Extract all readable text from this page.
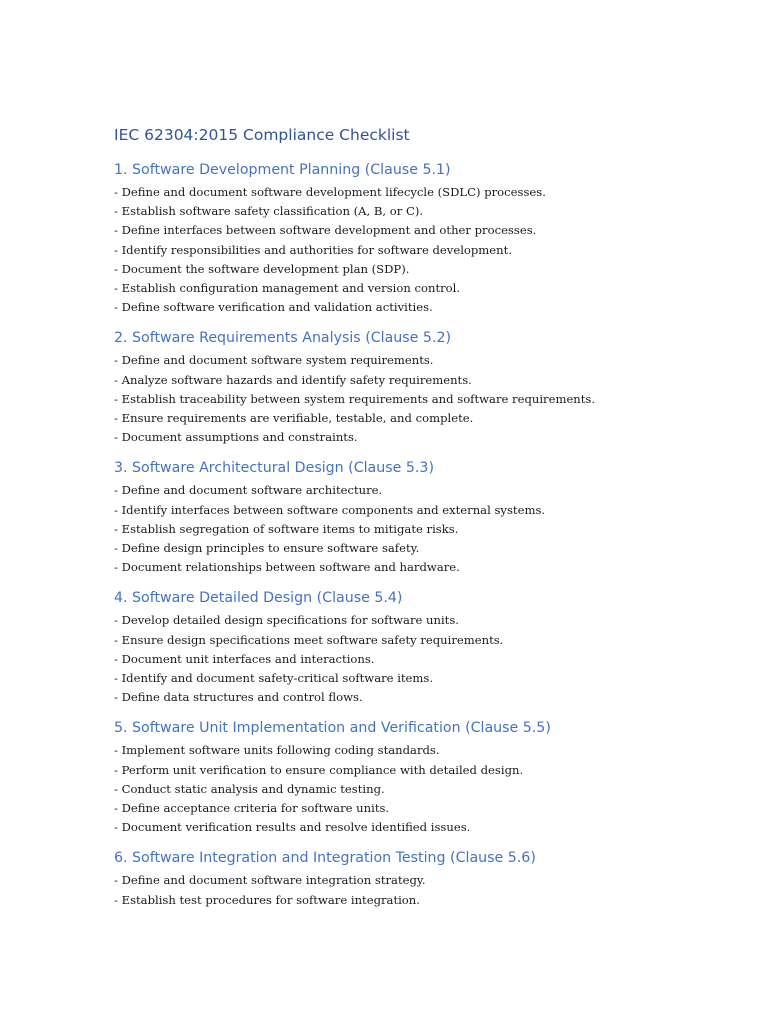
IEC 62304:2015 Compliance Checklist
1. Software Development Planning (Clause 5.1)

- Define and document software development lifecycle (SDLC) processes.

- Establish software safety classification (A, B, or C).

- Define interfaces between software development and other processes.

- Identify responsibilities and authorities for software development.

- Document the software development plan (SDP).

- Establish configuration management and version control.

- Define software verification and validation activities.

2. Software Requirements Analysis (Clause 5.2)

- Define and document software system requirements.

- Analyze software hazards and identify safety requirements.

- Establish traceability between system requirements and software requirements.

- Ensure requirements are verifiable, testable, and complete.

- Document assumptions and constraints.

3. Software Architectural Design (Clause 5.3)

- Define and document software architecture.

- Identify interfaces between software components and external systems.

- Establish segregation of software items to mitigate risks.

- Define design principles to ensure software safety.

- Document relationships between software and hardware.

4. Software Detailed Design (Clause 5.4)

- Develop detailed design specifications for software units.

- Ensure design specifications meet software safety requirements.

- Document unit interfaces and interactions.

- Identify and document safety-critical software items.

- Define data structures and control flows.

5. Software Unit Implementation and Verification (Clause 5.5)

- Implement software units following coding standards.

- Perform unit verification to ensure compliance with detailed design.

- Conduct static analysis and dynamic testing.

- Define acceptance criteria for software units.

- Document verification results and resolve identified issues.

6. Software Integration and Integration Testing (Clause 5.6)

- Define and document software integration strategy.

- Establish test procedures for software integration.
